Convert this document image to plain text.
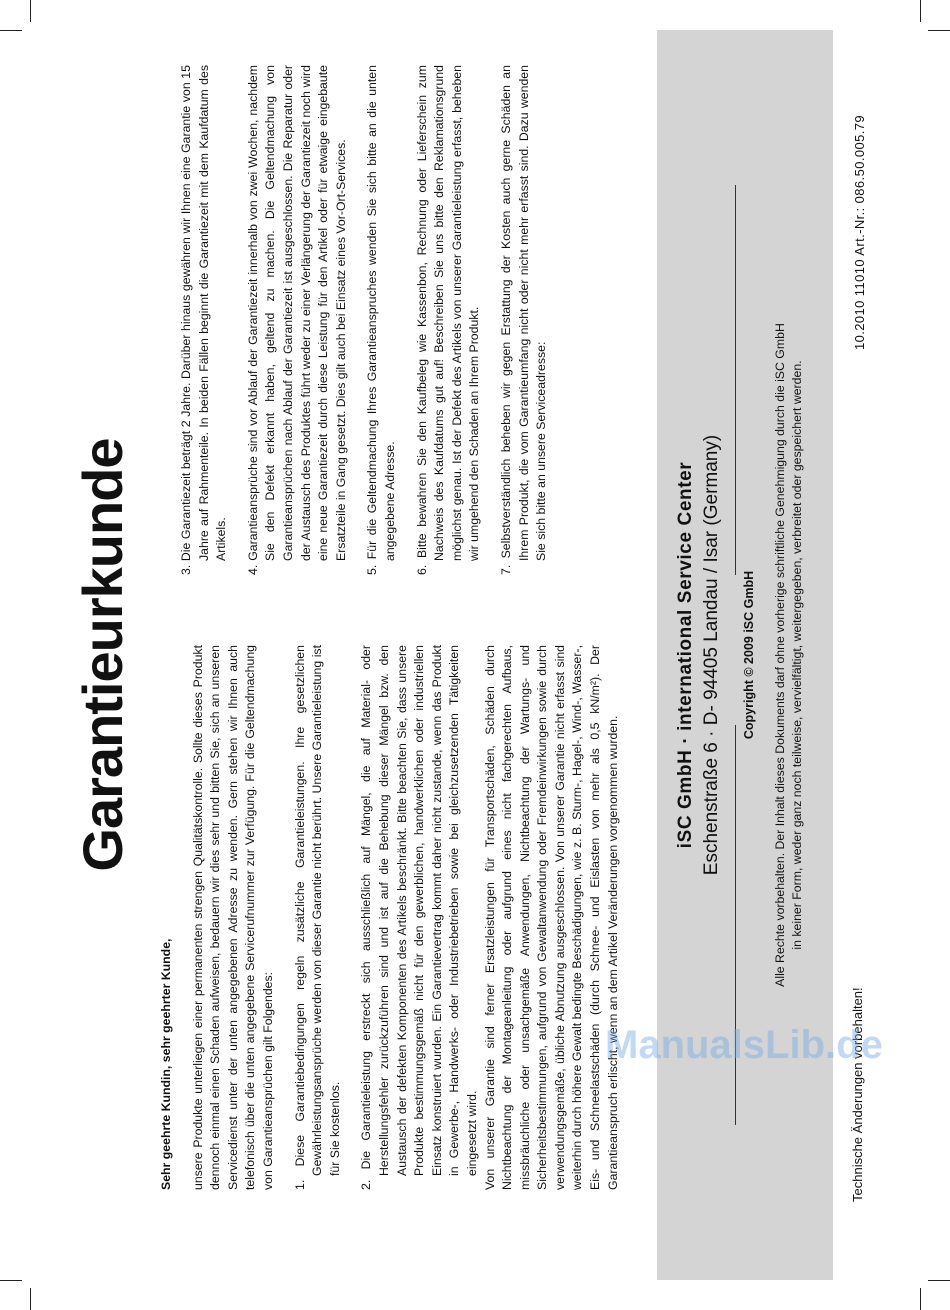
Garantieurkunde

Sehr geehrte Kundin, sehr geehrter Kunde, unsere Produkte unterliegen einer permanenten strengen Qualitätskontrolle. Sollte dieses Produkt dennoch einmal einen Schaden aufweisen, bedauern wir dies sehr und bitten Sie, sich an unseren Servicedienst unter der unten angegebenen Adresse zu wenden. Gern stehen wir Ihnen auch telefonisch über die unten angegebene Servicerufnummer zur Verfügung. Für die Geltendmachung von Garantieansprüchen gilt Folgendes: 1. Diese Garantiebedingungen regeln zusätzliche Garantieleistungen. Ihre gesetzlichen Gewährleistungsansprüche werden von dieser Garantie nicht berührt. Unsere Garantieleistung ist für Sie kostenlos. 2. Die Garantieleistung erstreckt sich ausschließlich auf Mängel, die auf Material- oder Herstellungsfehler zurückzuführen sind und ist auf die Behebung dieser Mängel bzw. den Austausch der defekten Komponenten des Artikels beschränkt. Bitte beachten Sie, dass unsere Produkte bestimmungsgemäß nicht für den gewerblichen, handwerklichen oder industriellen Einsatz konstruiert wurden. Ein Garantievertrag kommt daher nicht zustande, wenn das Produkt in Gewerbe-, Handwerks- oder Industriebetrieben sowie bei gleichzusetzenden Tätigkeiten eingesetzt wird. Von unserer Garantie sind ferner Ersatzleistungen für Transportschäden, Schäden durch Nichtbeachtung der Montageanleitung oder aufgrund eines nicht fachgerechten Aufbaus, missbräuchliche oder unsachgemäße Anwendungen, Nichtbeachtung der Wartungs- und Sicherheitsbestimmungen, aufgrund von Gewaltanwendung oder Fremdeinwirkungen sowie durch verwendungsgemäße, übliche Abnutzung ausgeschlossen. Von unserer Garantie nicht erfasst sind weiterhin durch höhere Gewalt bedingte Beschädigungen, wie z. B. Sturm-, Hagel-, Wind-, Wasser-, Eis- und Schneelastschäden (durch Schnee- und Eislasten von mehr als 0,5 kN/m²). Der Garantieanspruch erlischt, wenn an dem Artikel Veränderungen vorgenommen wurden.

3. Die Garantiezeit beträgt 2 Jahre. Darüber hinaus gewähren wir Ihnen eine Garantie von 15 Jahre auf Rahmenteile. In beiden Fällen beginnt die Garantiezeit mit dem Kaufdatum des Artikels. 4. Garantieansprüche sind vor Ablauf der Garantiezeit innerhalb von zwei Wochen, nachdem Sie den Defekt erkannt haben, geltend zu machen. Die Geltendmachung von Garantieansprüchen nach Ablauf der Garantiezeit ist ausgeschlossen. Die Reparatur oder der Austausch des Produktes führt weder zu einer Verlängerung der Garantiezeit noch wird eine neue Garantiezeit durch diese Leistung für den Artikel oder für etwaige eingebaute Ersatzteile in Gang gesetzt. Dies gilt auch bei Einsatz eines Vor-Ort-Services. 5. Für die Geltendmachung Ihres Garantieanspruches wenden Sie sich bitte an die unten angegebene Adresse. 6. Bitte bewahren Sie den Kaufbeleg wie Kassenbon, Rechnung oder Lieferschein zum Nachweis des Kaufdatums gut auf! Beschreiben Sie uns bitte den Reklamationsgrund möglichst genau. Ist der Defekt des Artikels von unserer Garantieleistung erfasst, beheben wir umgehend den Schaden an Ihrem Produkt. 7. Selbstverständlich beheben wir gegen Erstattung der Kosten auch gerne Schäden an Ihrem Produkt, die vom Garantieumfang nicht oder nicht mehr erfasst sind. Dazu wenden Sie sich bitte an unsere Serviceadresse:

iSC GmbH · international Service Center Eschenstraße 6 · D- 94405 Landau / Isar (Germany) Copyright © 2009 iSC GmbH Alle Rechte vorbehalten. Der Inhalt dieses Dokuments darf ohne vorherige schriftliche Genehmigung durch die iSC GmbH in keiner Form, weder ganz noch teilweise, vervielfältigt, weitergegeben, verbreitet oder gespeichert werden.
Technische Änderungen vorbehalten!
10.2010 11010 Art.-Nr.: 086.50.005.79
ManualsLib.de
